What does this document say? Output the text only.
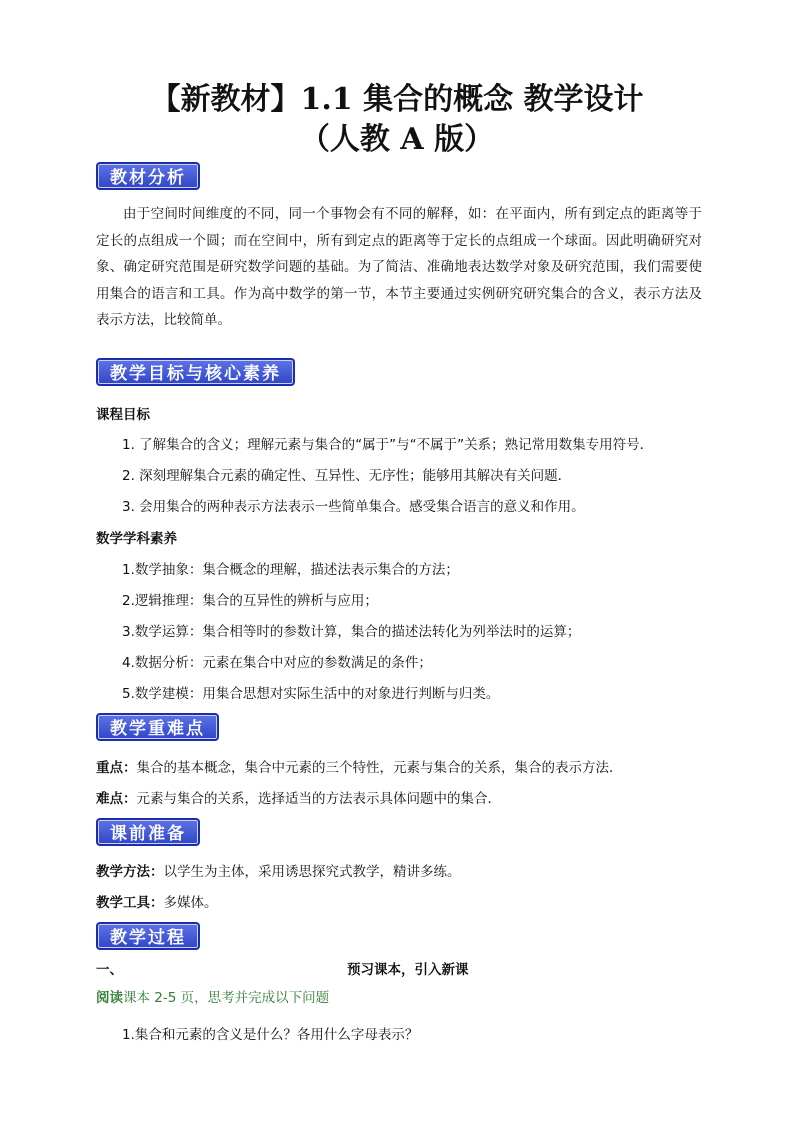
【新教材】1.1 集合的概念 教学设计
（人教 A 版）
教材分析
由于空间时间维度的不同，同一个事物会有不同的解释，如：在平面内，所有到定点的距离等于定长的点组成一个圆；而在空间中，所有到定点的距离等于定长的点组成一个球面。因此明确研究对象、确定研究范围是研究数学问题的基础。为了简洁、准确地表达数学对象及研究范围，我们需要使用集合的语言和工具。作为高中数学的第一节，本节主要通过实例研究研究集合的含义，表示方法及表示方法，比较简单。
教学目标与核心素养
课程目标
1. 了解集合的含义；理解元素与集合的“属于”与“不属于”关系；熟记常用数集专用符号．
2. 深刻理解集合元素的确定性、互异性、无序性；能够用其解决有关问题．
3. 会用集合的两种表示方法表示一些简单集合。感受集合语言的意义和作用。
数学学科素养
1.数学抽象：集合概念的理解，描述法表示集合的方法；
2.逻辑推理：集合的互异性的辨析与应用；
3.数学运算：集合相等时的参数计算，集合的描述法转化为列举法时的运算；
4.数据分析：元素在集合中对应的参数满足的条件；
5.数学建模：用集合思想对实际生活中的对象进行判断与归类。
教学重难点
重点：集合的基本概念，集合中元素的三个特性，元素与集合的关系，集合的表示方法．
难点：元素与集合的关系，选择适当的方法表示具体问题中的集合．
课前准备
教学方法：以学生为主体，采用诱思探究式教学，精讲多练。
教学工具：多媒体。
教学过程
一、	预习课本，引入新课
阅读课本 2-5 页，思考并完成以下问题
1.集合和元素的含义是什么？各用什么字母表示？
